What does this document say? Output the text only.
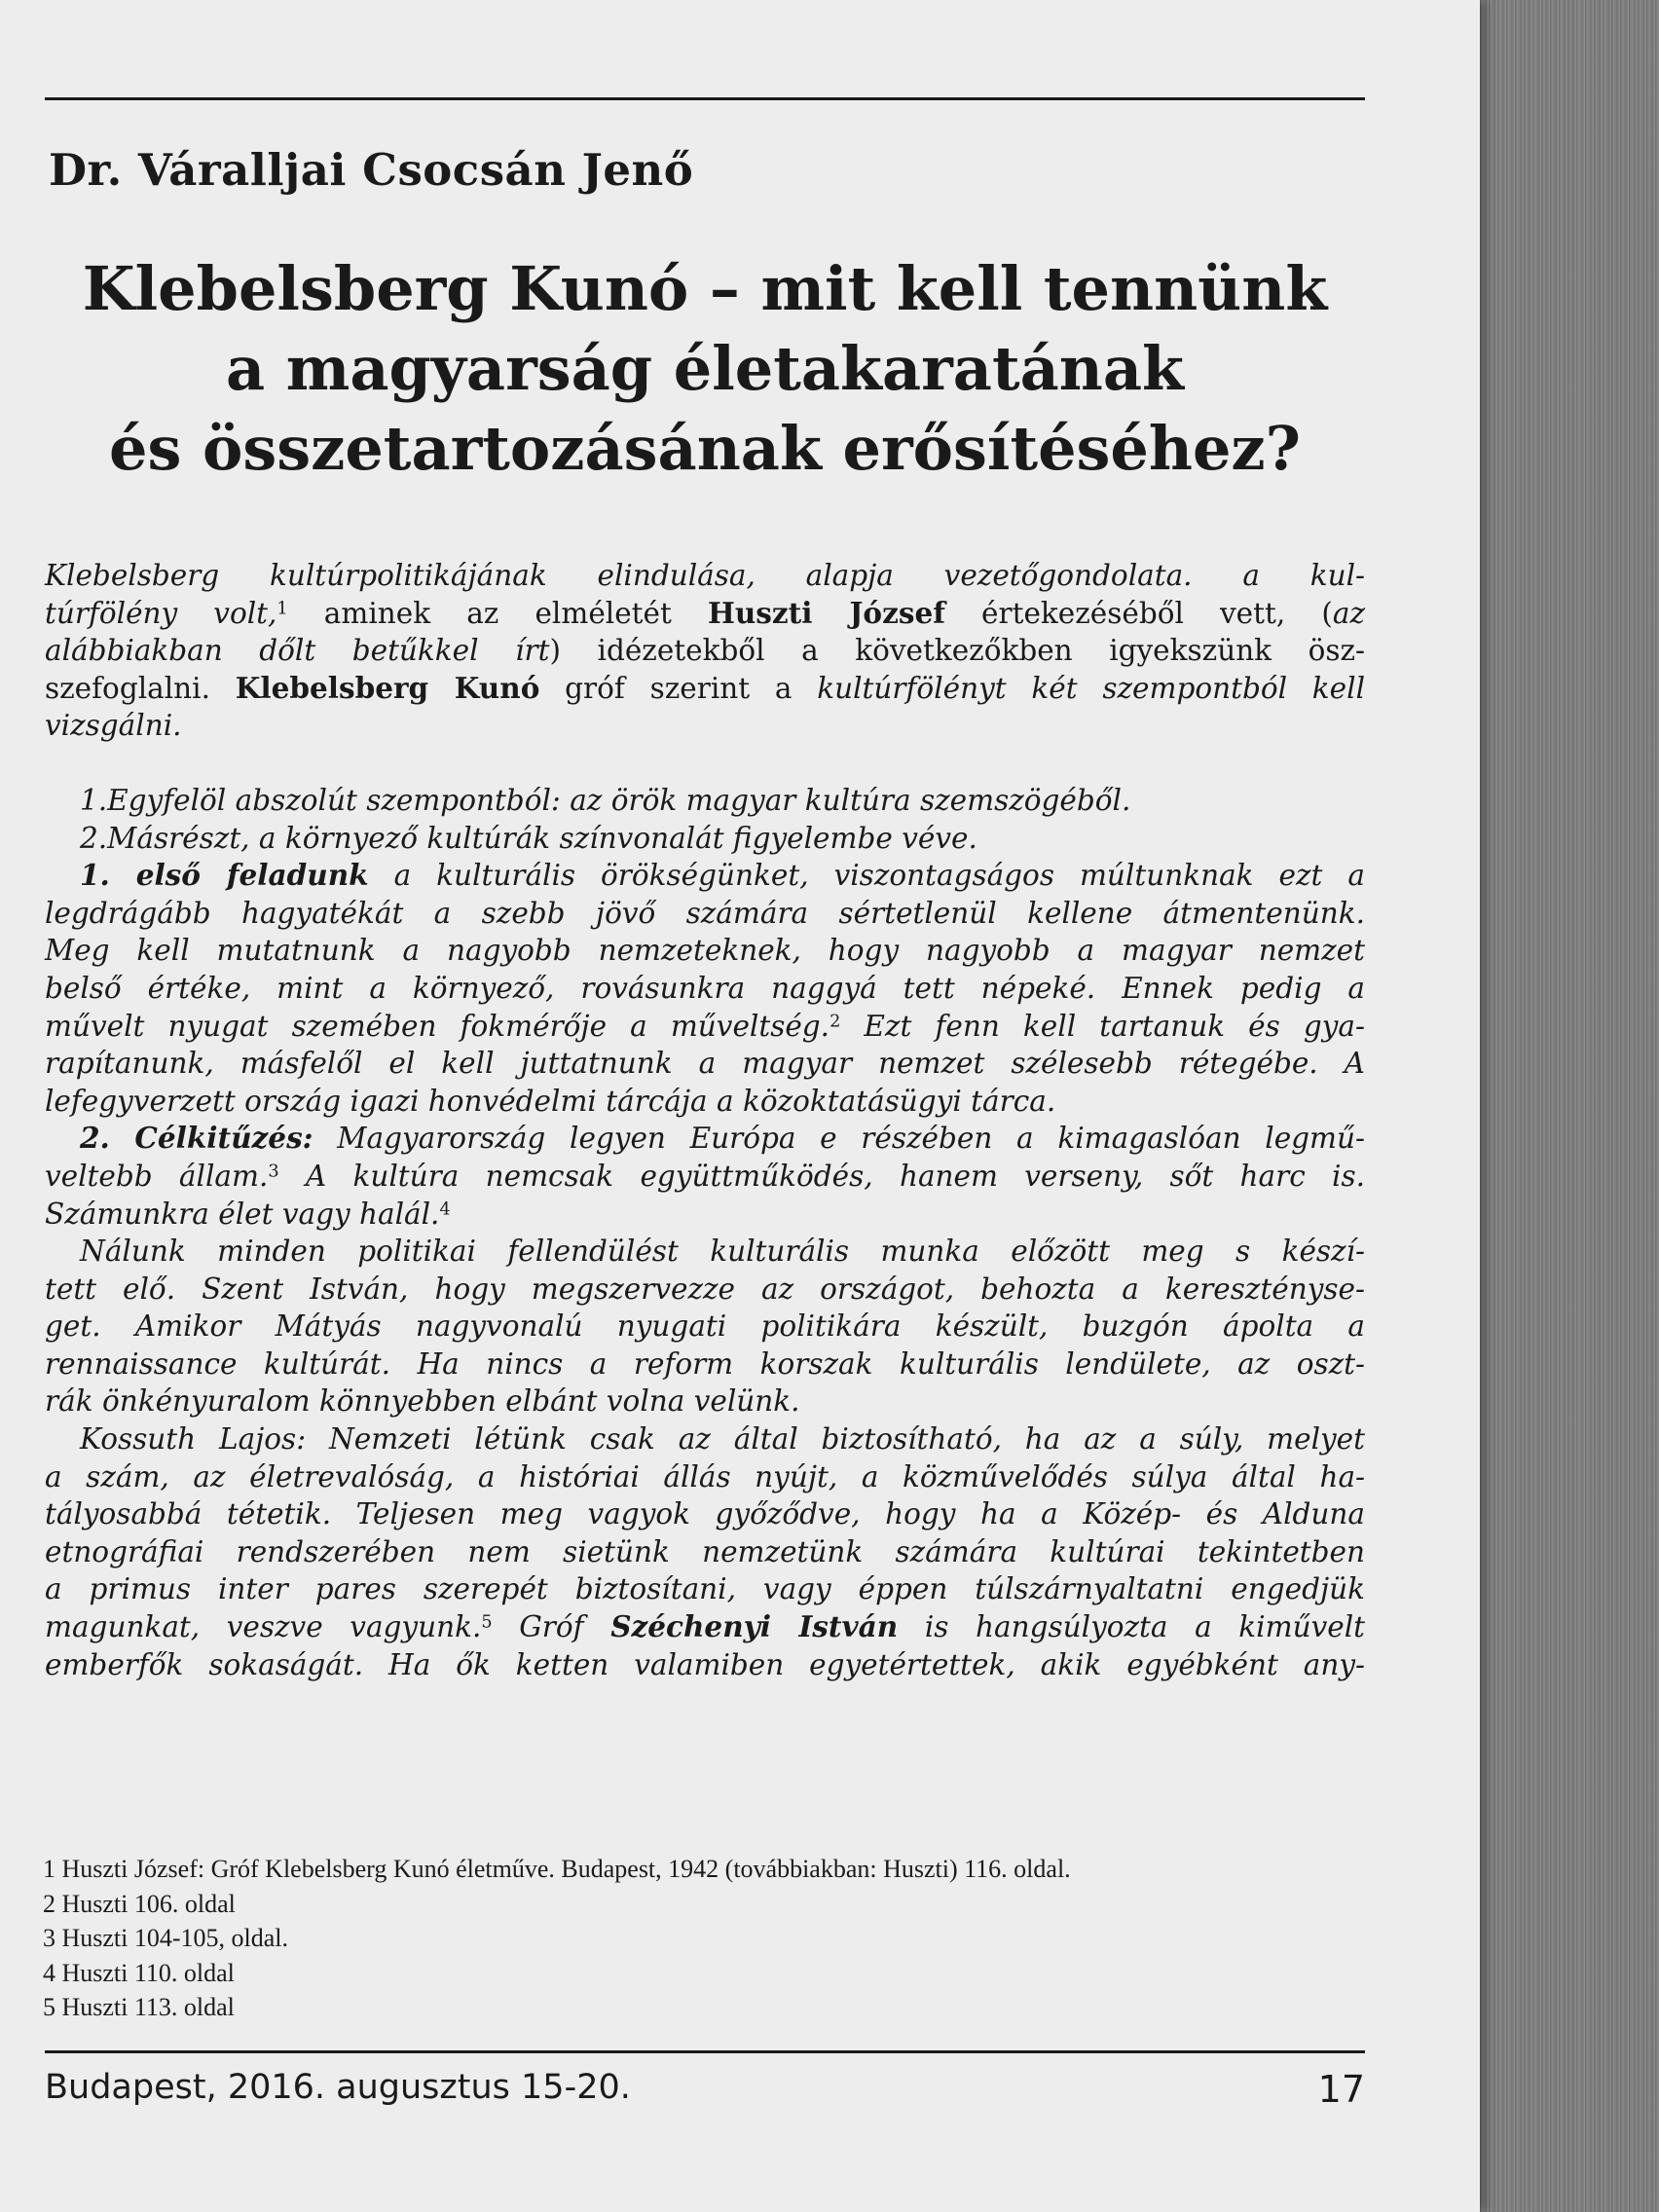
Dr. Váralljai Csocsán Jenő
Klebelsberg Kunó – mit kell tennünk
a magyarság életakaratának
és összetartozásának erősítéséhez?
Klebelsberg kultúrpolitikájának elindulása, alapja vezetőgondolata. a kul-
túrfölény volt,$^1$ aminek az elméletét Huszti József értekezéséből vett, (az
alábbiakban dőlt betűkkel írt) idézetekből a következőkben igyekszünk ösz-
szefoglalni. Klebelsberg Kunó gróf szerint a kultúrfölényt két szempontból kell
vizsgálni.
1.Egyfelöl abszolút szempontból: az örök magyar kultúra szemszögéből.
2.Másrészt, a környező kultúrák színvonalát figyelembe véve.
1. első feladunk a kulturális örökségünket, viszontagságos múltunknak ezt a
legdrágább hagyatékát a szebb jövő számára sértetlenül kellene átmentenünk.
Meg kell mutatnunk a nagyobb nemzeteknek, hogy nagyobb a magyar nemzet
belső értéke, mint a környező, rovásunkra naggyá tett népeké. Ennek pedig a
művelt nyugat szemében fokmérője a műveltség.$^2$ Ezt fenn kell tartanuk és gya-
rapítanunk, másfelől el kell juttatnunk a magyar nemzet szélesebb rétegébe. A
lefegyverzett ország igazi honvédelmi tárcája a közoktatásügyi tárca.
2. Célkitűzés: Magyarország legyen Európa e részében a kimagaslóan legmű-
veltebb állam.$^3$ A kultúra nemcsak együttműködés, hanem verseny, sőt harc is.
Számunkra élet vagy halál.$^4$
Nálunk minden politikai fellendülést kulturális munka előzött meg s készí-
tett elő. Szent István, hogy megszervezze az országot, behozta a keresztényse-
get. Amikor Mátyás nagyvonalú nyugati politikára készült, buzgón ápolta a
rennaissance kultúrát. Ha nincs a reform korszak kulturális lendülete, az oszt-
rák önkényuralom könnyebben elbánt volna velünk.
Kossuth Lajos: Nemzeti létünk csak az által biztosítható, ha az a súly, melyet
a szám, az életrevalóság, a históriai állás nyújt, a közművelődés súlya által ha-
tályosabbá tétetik. Teljesen meg vagyok győződve, hogy ha a Közép- és Alduna
etnográfiai rendszerében nem sietünk nemzetünk számára kultúrai tekintetben
a primus inter pares szerepét biztosítani, vagy éppen túlszárnyaltatni engedjük
magunkat, veszve vagyunk.$^5$ Gróf Széchenyi István is hangsúlyozta a kiművelt
emberfők sokaságát. Ha ők ketten valamiben egyetértettek, akik egyébként any-
1 Huszti József: Gróf Klebelsberg Kunó életműve. Budapest, 1942 (továbbiakban: Huszti) 116. oldal.
2 Huszti 106. oldal
3 Huszti 104-105, oldal.
4 Huszti 110. oldal
5 Huszti 113. oldal
Budapest, 2016. augusztus 15-20.	17
